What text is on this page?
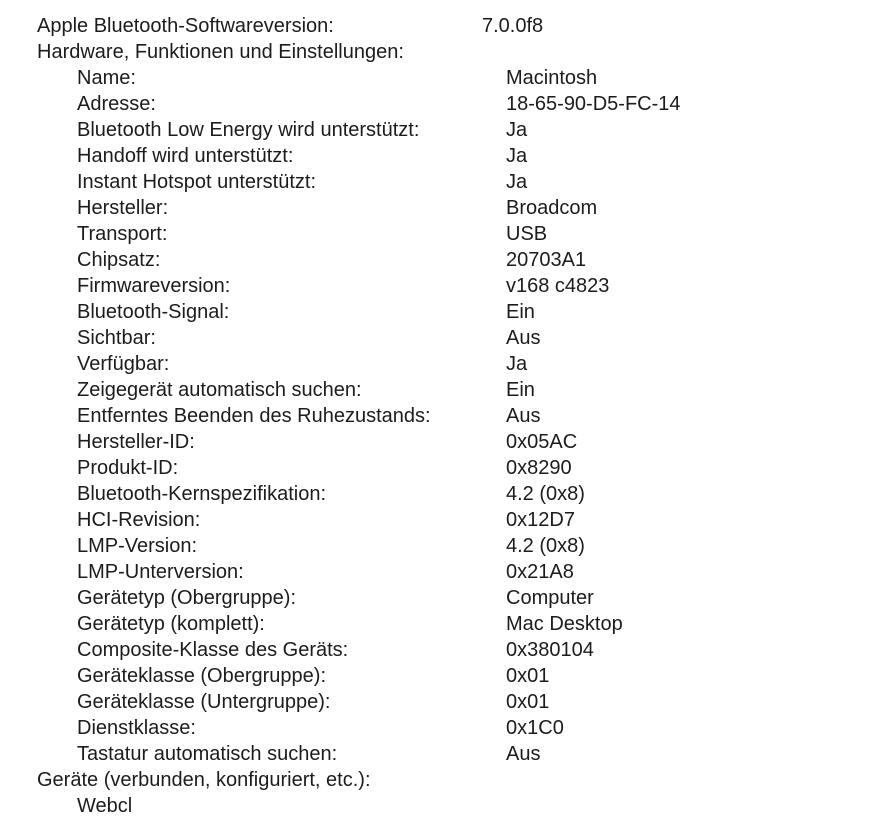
Apple Bluetooth-Softwareversion:	7.0.0f8
Hardware, Funktionen und Einstellungen:
Name:	Macintosh
Adresse:	18-65-90-D5-FC-14
Bluetooth Low Energy wird unterstützt:	Ja
Handoff wird unterstützt:	Ja
Instant Hotspot unterstützt:	Ja
Hersteller:	Broadcom
Transport:	USB
Chipsatz:	20703A1
Firmwareversion:	v168 c4823
Bluetooth-Signal:	Ein
Sichtbar:	Aus
Verfügbar:	Ja
Zeigegerät automatisch suchen:	Ein
Entferntes Beenden des Ruhezustands:	Aus
Hersteller-ID:	0x05AC
Produkt-ID:	0x8290
Bluetooth-Kernspezifikation:	4.2 (0x8)
HCI-Revision:	0x12D7
LMP-Version:	4.2 (0x8)
LMP-Unterversion:	0x21A8
Gerätetyp (Obergruppe):	Computer
Gerätetyp (komplett):	Mac Desktop
Composite-Klasse des Geräts:	0x380104
Geräteklasse (Obergruppe):	0x01
Geräteklasse (Untergruppe):	0x01
Dienstklasse:	0x1C0
Tastatur automatisch suchen:	Aus
Geräte (verbunden, konfiguriert, etc.):
Webcl
